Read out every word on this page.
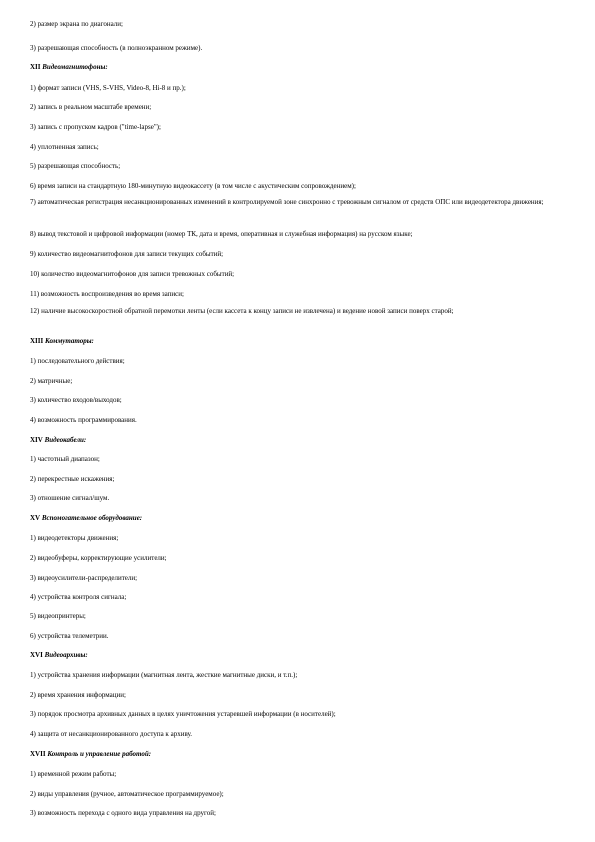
2) размер экрана по диагонали;
3) разрешающая способность (в полноэкранном режиме).
XII Видеомагнитофоны:
1) формат записи (VHS, S-VHS, Video-8, Hi-8 и пр.);
2) запись в реальном масштабе времени;
3) запись с пропуском кадров ("time-lapse");
4) уплотненная запись;
5) разрешающая способность;
6) время записи на стандартную 180-минутную видеокассету (в том числе с акустическим сопровождением);
7) автоматическая регистрация несанкционированных изменений в контролируемой зоне синхронно с тревожным сигналом от средств ОПС или видеодетектора движения;
8) вывод текстовой и цифровой информации (номер ТК, дата и время, оперативная и служебная информация) на русском языке;
9) количество видеомагнитофонов для записи текущих событий;
10) количество видеомагнитофонов для записи тревожных событий;
11) возможность воспроизведения во время записи;
12) наличие высокоскоростной обратной перемотки ленты (если кассета к концу записи не извлечена) и ведение новой записи поверх старой;
XIII Коммутаторы:
1) последовательного действия;
2) матричные;
3) количество входов/выходов;
4) возможность программирования.
XIV Видеокабели:
1) частотный диапазон;
2) перекрестные искажения;
3) отношение сигнал/шум.
XV Вспомогательное оборудование:
1) видеодетекторы движения;
2) видеобуферы, корректирующие усилители;
3) видеоусилители-распределители;
4) устройства контроля сигнала;
5) видеопринтеры;
6) устройства телеметрии.
XVI Видеоархивы:
1) устройства хранения информации (магнитная лента, жесткие магнитные диски, и т.п.);
2) время хранения информации;
3) порядок просмотра архивных данных в целях уничтожения устаревшей информации (в носителей);
4) защита от несанкционированного доступа к архиву.
XVII Контроль и управление работой:
1) временной режим работы;
2) виды управления (ручное, автоматическое программируемое);
3) возможность перехода с одного вида управления на другой;
